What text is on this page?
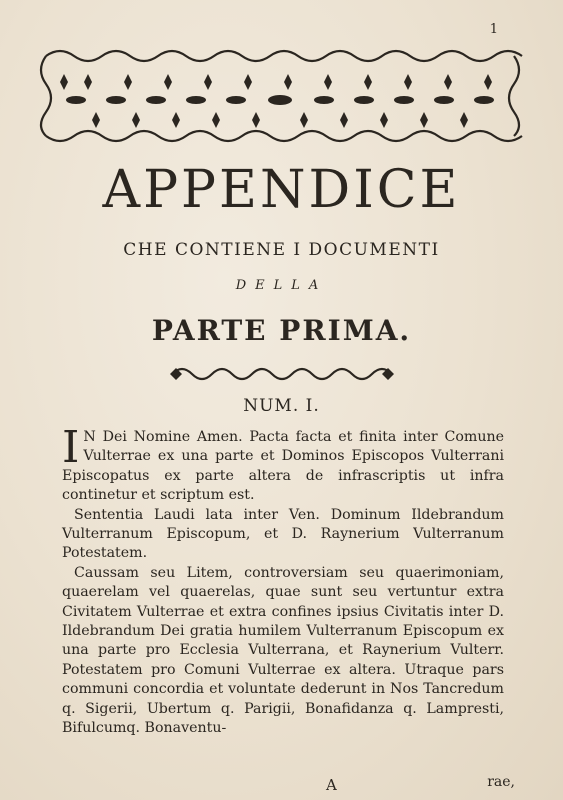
1
APPENDICE
CHE CONTIENE I DOCUMENTI
DELLA
PARTE PRIMA.
NUM. I.

I N Dei Nomine Amen. Pacta facta et finita inter Comune Vulterrae ex una parte et Dominos Episcopos Vulterrani Episcopatus ex parte altera de infrascriptis ut infra continetur et scriptum est.

Sententia Laudi lata inter Ven. Dominum Ildebrandum Vulterranum Episcopum, et D. Raynerium Vulterranum Potestatem.

Caussam seu Litem, controversiam seu quaerimoniam, quaerelam vel quaerelas, quae sunt seu vertuntur extra Civitatem Vulterrae et extra confines ipsius Civitatis inter D. Ildebrandum Dei gratia humilem Vulterranum Episcopum ex una parte pro Ecclesia Vulterrana, et Raynerium Vulterr. Potestatem pro Comuni Vulterrae ex altera. Utraque pars communi concordia et voluntate dederunt in Nos Tancredum q. Sigerii, Ubertum q. Parigii, Bonafidanza q. Lampresti, Bifulcumq. Bonaventu-

A	rae,
